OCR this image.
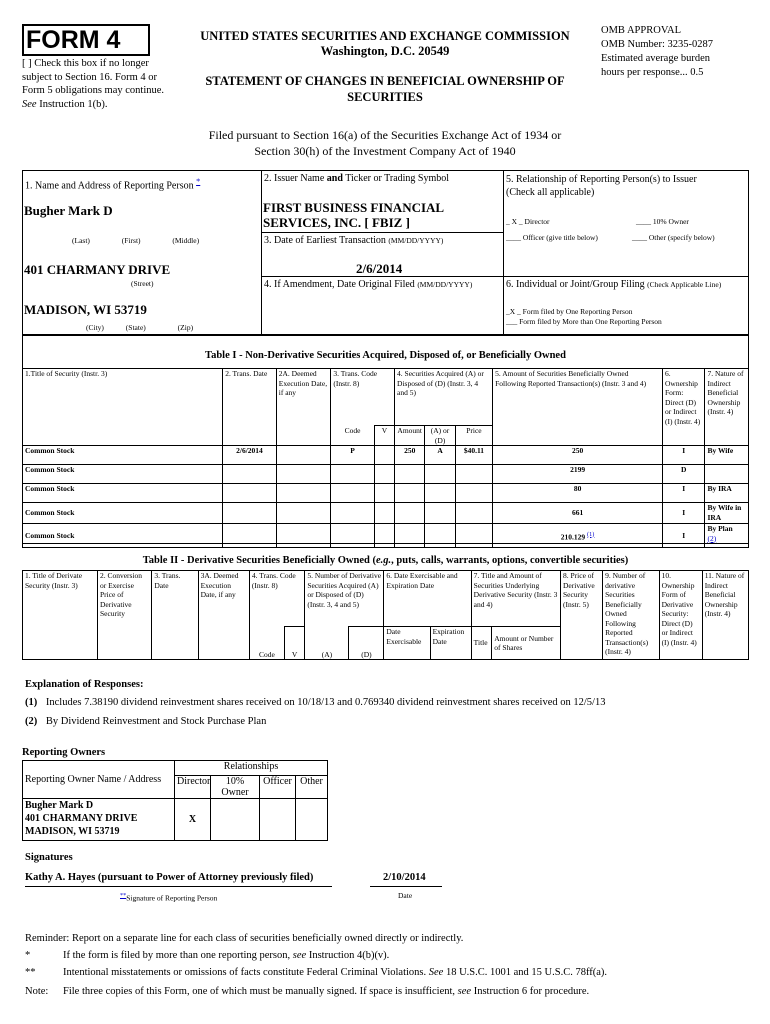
FORM 4
[ ] Check this box if no longer subject to Section 16. Form 4 or Form 5 obligations may continue. See Instruction 1(b).
UNITED STATES SECURITIES AND EXCHANGE COMMISSION
Washington, D.C. 20549
STATEMENT OF CHANGES IN BENEFICIAL OWNERSHIP OF SECURITIES
OMB APPROVAL
OMB Number: 3235-0287
Estimated average burden
hours per response... 0.5
Filed pursuant to Section 16(a) of the Securities Exchange Act of 1934 or
Section 30(h) of the Investment Company Act of 1940
1. Name and Address of Reporting Person *
Bugher Mark D
(Last)	(First)	(Middle)
401 CHARMANY DRIVE
(Street)
MADISON, WI 53719
(City)	(State)	(Zip)
2. Issuer Name and Ticker or Trading Symbol
FIRST BUSINESS FINANCIAL SERVICES, INC. [ FBIZ ]
3. Date of Earliest Transaction (MM/DD/YYYY)
2/6/2014
4. If Amendment, Date Original Filed (MM/DD/YYYY)
5. Relationship of Reporting Person(s) to Issuer
(Check all applicable)
_ X _ Director	____ 10% Owner
____ Officer (give title below)	____ Other (specify below)
6. Individual or Joint/Group Filing (Check Applicable Line)
_X _ Form filed by One Reporting Person
___ Form filed by More than One Reporting Person
Table I - Non-Derivative Securities Acquired, Disposed of, or Beneficially Owned
1.Title of Security (Instr. 3)	2. Trans. Date	2A. Deemed Execution Date, if any	3. Trans. Code (Instr. 8)		4. Securities Acquired (A) or Disposed of (D) (Instr. 3, 4 and 5)			5. Amount of Securities Beneficially Owned Following Reported Transaction(s) (Instr. 3 and 4)	6. Ownership Form: Direct (D) or Indirect (I) (Instr. 4)	7. Nature of Indirect Beneficial Ownership (Instr. 4)
			Code	V	Amount	(A) or (D)	Price			
Common Stock	2/6/2014		P		250	A	$40.11	250	I	By Wife
Common Stock								2199	D	
Common Stock								80	I	By IRA
Common Stock								661	I	By Wife in IRA
Common Stock								210.129 $^{(1)}$	I	By Plan
(2)
Table II - Derivative Securities Beneficially Owned (e.g., puts, calls, warrants, options, convertible securities)
1. Title of Derivate Security (Instr. 3)	2. Conversion or Exercise Price of Derivative Security	3. Trans. Date	3A. Deemed Execution Date, if any	4. Trans. Code (Instr. 8)		5. Number of Derivative Securities Acquired (A) or Disposed of (D) (Instr. 3, 4 and 5)		6. Date Exercisable and Expiration Date		7. Title and Amount of Securities Underlying Derivative Security (Instr. 3 and 4)		8. Price of Derivative Security (Instr. 5)	9. Number of derivative Securities Beneficially Owned Following Reported Transaction(s) (Instr. 4)	10. Ownership Form of Derivative Security: Direct (D) or Indirect (I) (Instr. 4)	11. Nature of Indirect Beneficial Ownership (Instr. 4)
				Code	V	(A)	(D)	Date Exercisable	Expiration Date	Title	Amount or Number of Shares				
Explanation of Responses:
(1) Includes 7.38190 dividend reinvestment shares received on 10/18/13 and 0.769340 dividend reinvestment shares received on 12/5/13
(2) By Dividend Reinvestment and Stock Purchase Plan
Reporting Owners
Reporting Owner Name / Address	Relationships			
	Director	10% Owner	Officer	Other

Bugher Mark D
401 CHARMANY DRIVE
MADISON, WI 53719	X			
Signatures
Kathy A. Hayes (pursuant to Power of Attorney previously filed)	2/10/2014
**Signature of Reporting Person	Date
Reminder: Report on a separate line for each class of securities beneficially owned directly or indirectly.
*	If the form is filed by more than one reporting person, see Instruction 4(b)(v).
**	Intentional misstatements or omissions of facts constitute Federal Criminal Violations. See 18 U.S.C. 1001 and 15 U.S.C. 78ff(a).
Note: File three copies of this Form, one of which must be manually signed. If space is insufficient, see Instruction 6 for procedure.
